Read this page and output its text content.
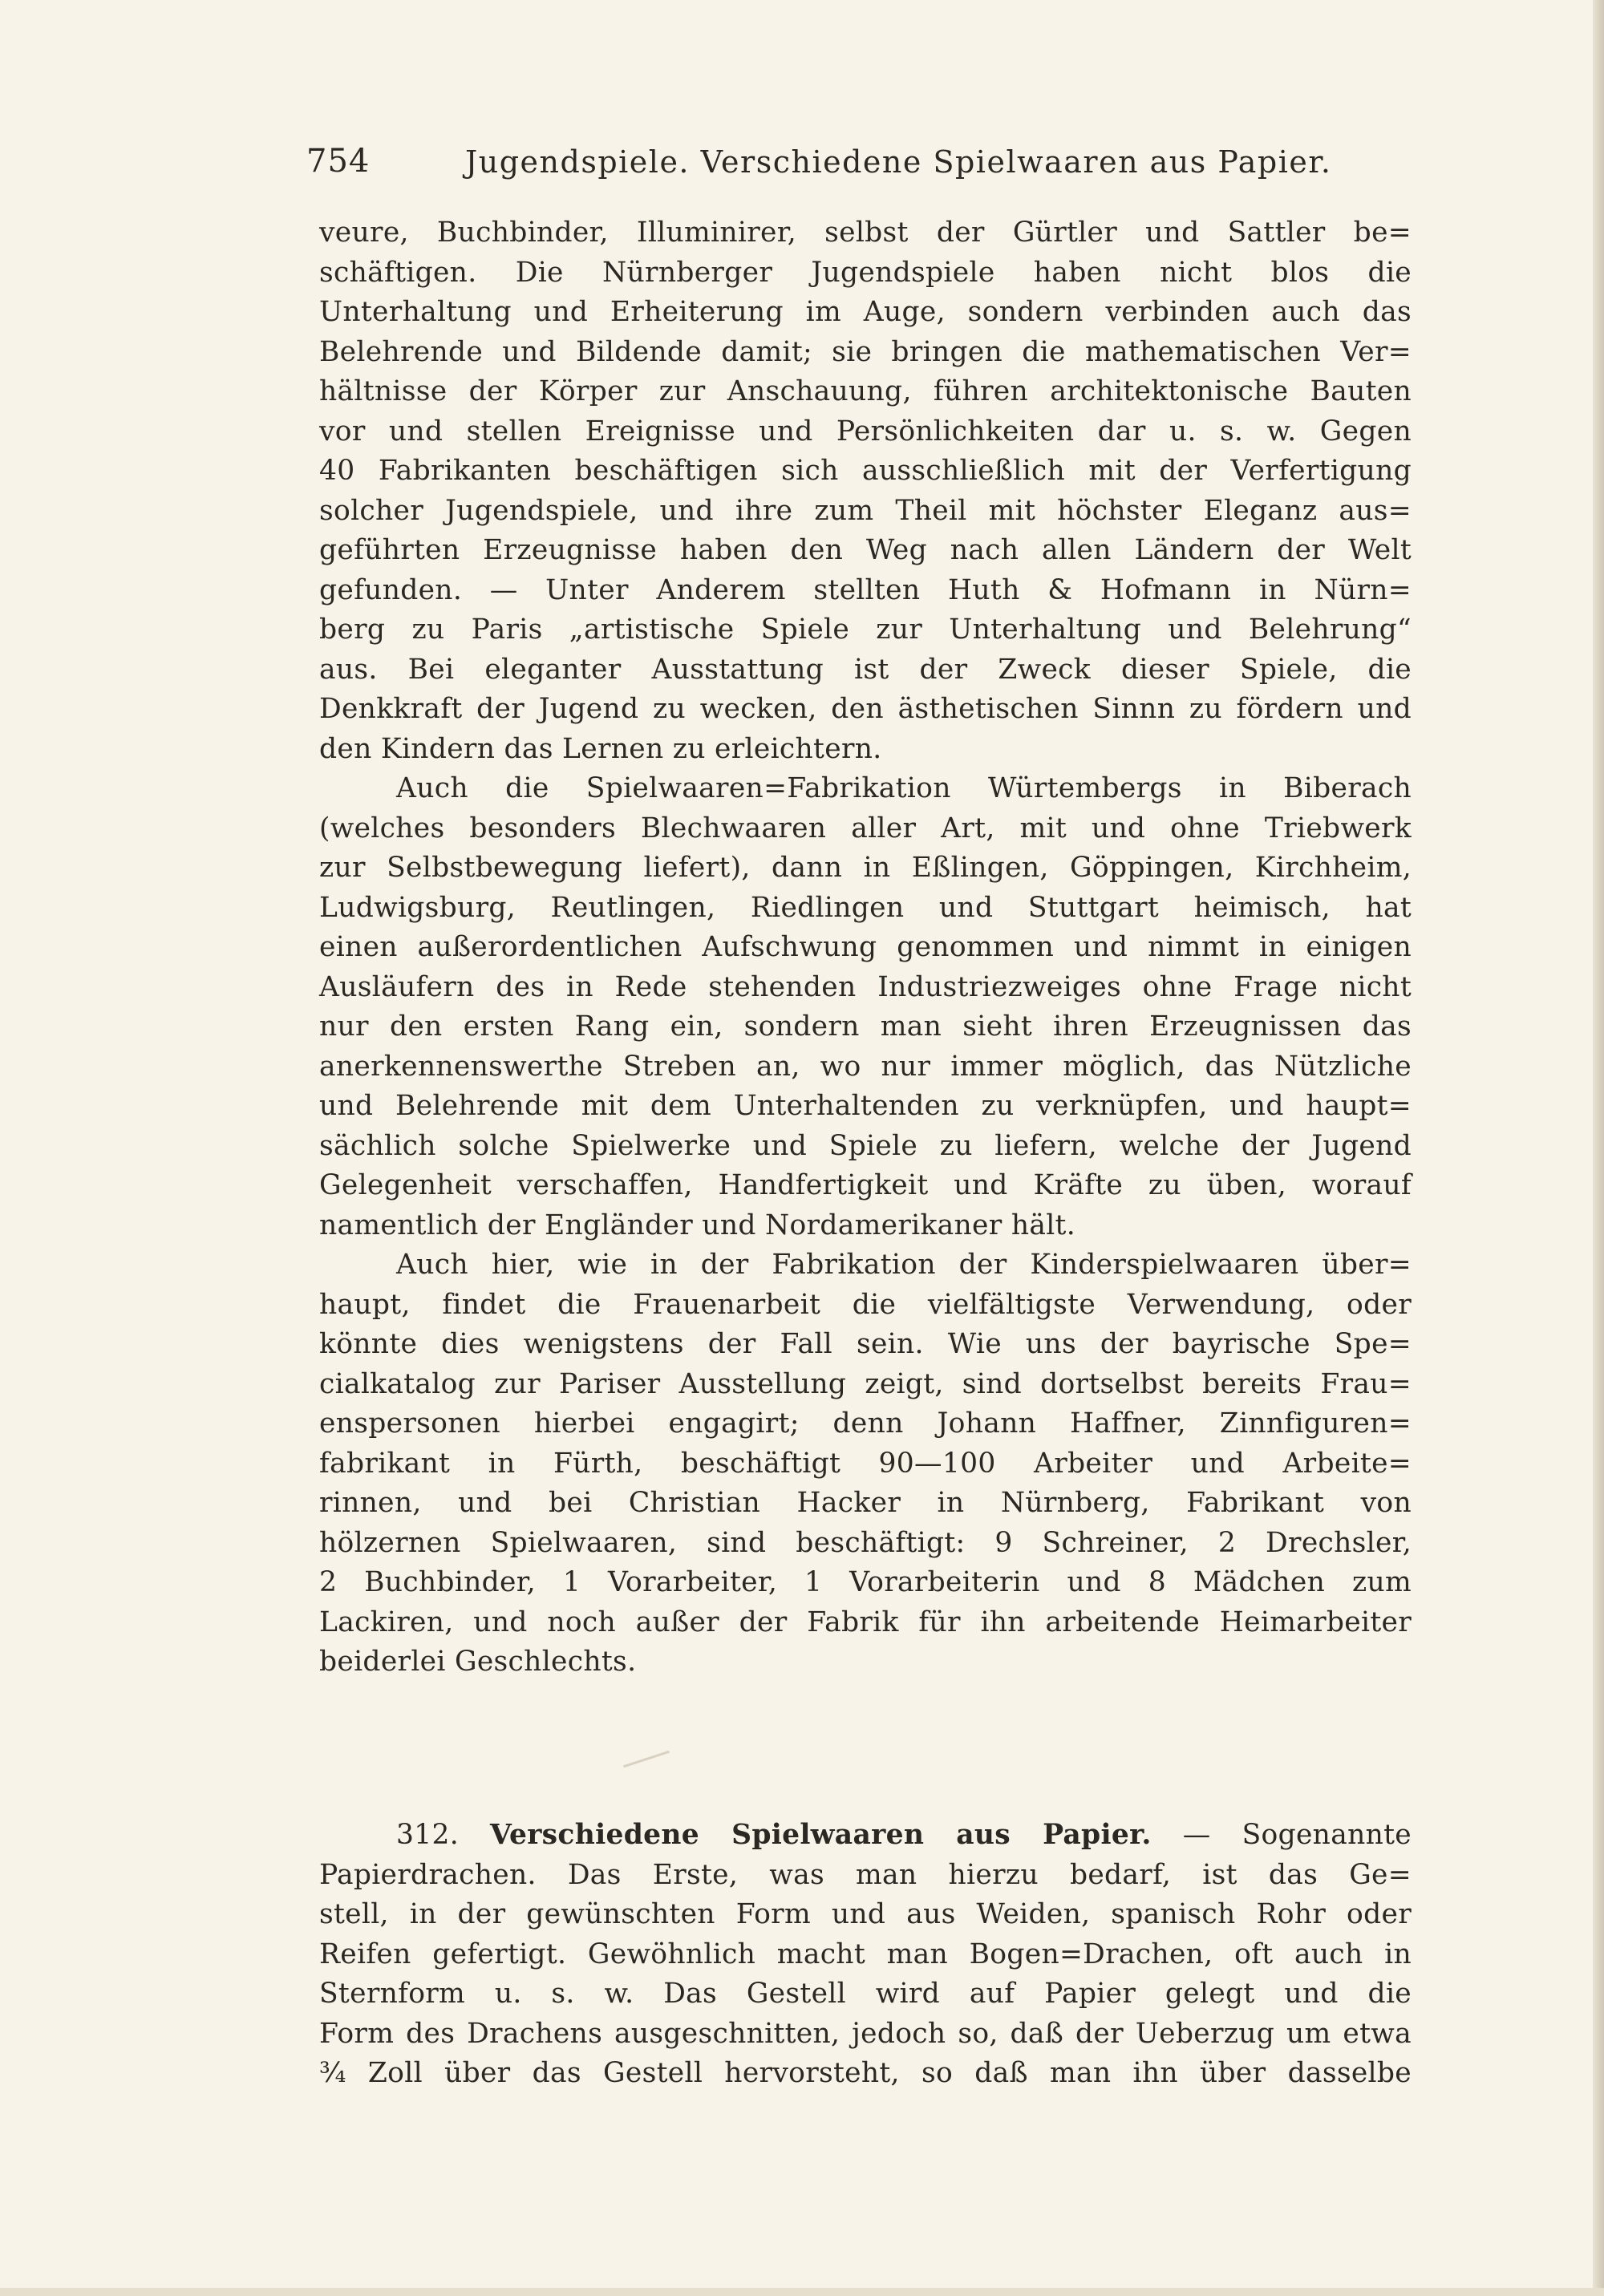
754	Jugendspiele. Verschiedene Spielwaaren aus Papier.
veure, Buchbinder, Illuminirer, selbst der Gürtler und Sattler be=
schäftigen. Die Nürnberger Jugendspiele haben nicht blos die
Unterhaltung und Erheiterung im Auge, sondern verbinden auch das
Belehrende und Bildende damit; sie bringen die mathematischen Ver=
hältnisse der Körper zur Anschauung, führen architektonische Bauten
vor und stellen Ereignisse und Persönlichkeiten dar u. s. w. Gegen
40 Fabrikanten beschäftigen sich ausschließlich mit der Verfertigung
solcher Jugendspiele, und ihre zum Theil mit höchster Eleganz aus=
geführten Erzeugnisse haben den Weg nach allen Ländern der Welt
gefunden. — Unter Anderem stellten Huth & Hofmann in Nürn=
berg zu Paris „artistische Spiele zur Unterhaltung und Belehrung“
aus. Bei eleganter Ausstattung ist der Zweck dieser Spiele, die
Denkkraft der Jugend zu wecken, den ästhetischen Sinnn zu fördern und
den Kindern das Lernen zu erleichtern.
Auch die Spielwaaren=Fabrikation Würtembergs in Biberach
(welches besonders Blechwaaren aller Art, mit und ohne Triebwerk
zur Selbstbewegung liefert), dann in Eßlingen, Göppingen, Kirchheim,
Ludwigsburg, Reutlingen, Riedlingen und Stuttgart heimisch, hat
einen außerordentlichen Aufschwung genommen und nimmt in einigen
Ausläufern des in Rede stehenden Industriezweiges ohne Frage nicht
nur den ersten Rang ein, sondern man sieht ihren Erzeugnissen das
anerkennenswerthe Streben an, wo nur immer möglich, das Nützliche
und Belehrende mit dem Unterhaltenden zu verknüpfen, und haupt=
sächlich solche Spielwerke und Spiele zu liefern, welche der Jugend
Gelegenheit verschaffen, Handfertigkeit und Kräfte zu üben, worauf
namentlich der Engländer und Nordamerikaner hält.
Auch hier, wie in der Fabrikation der Kinderspielwaaren über=
haupt, findet die Frauenarbeit die vielfältigste Verwendung, oder
könnte dies wenigstens der Fall sein. Wie uns der bayrische Spe=
cialkatalog zur Pariser Ausstellung zeigt, sind dortselbst bereits Frau=
enspersonen hierbei engagirt; denn Johann Haffner, Zinnfiguren=
fabrikant in Fürth, beschäftigt 90—100 Arbeiter und Arbeite=
rinnen, und bei Christian Hacker in Nürnberg, Fabrikant von
hölzernen Spielwaaren, sind beschäftigt: 9 Schreiner, 2 Drechsler,
2 Buchbinder, 1 Vorarbeiter, 1 Vorarbeiterin und 8 Mädchen zum
Lackiren, und noch außer der Fabrik für ihn arbeitende Heimarbeiter
beiderlei Geschlechts.
312. Verschiedene Spielwaaren aus Papier. — Sogenannte
Papierdrachen. Das Erste, was man hierzu bedarf, ist das Ge=
stell, in der gewünschten Form und aus Weiden, spanisch Rohr oder
Reifen gefertigt. Gewöhnlich macht man Bogen=Drachen, oft auch in
Sternform u. s. w. Das Gestell wird auf Papier gelegt und die
Form des Drachens ausgeschnitten, jedoch so, daß der Ueberzug um etwa
¾ Zoll über das Gestell hervorsteht, so daß man ihn über dasselbe
